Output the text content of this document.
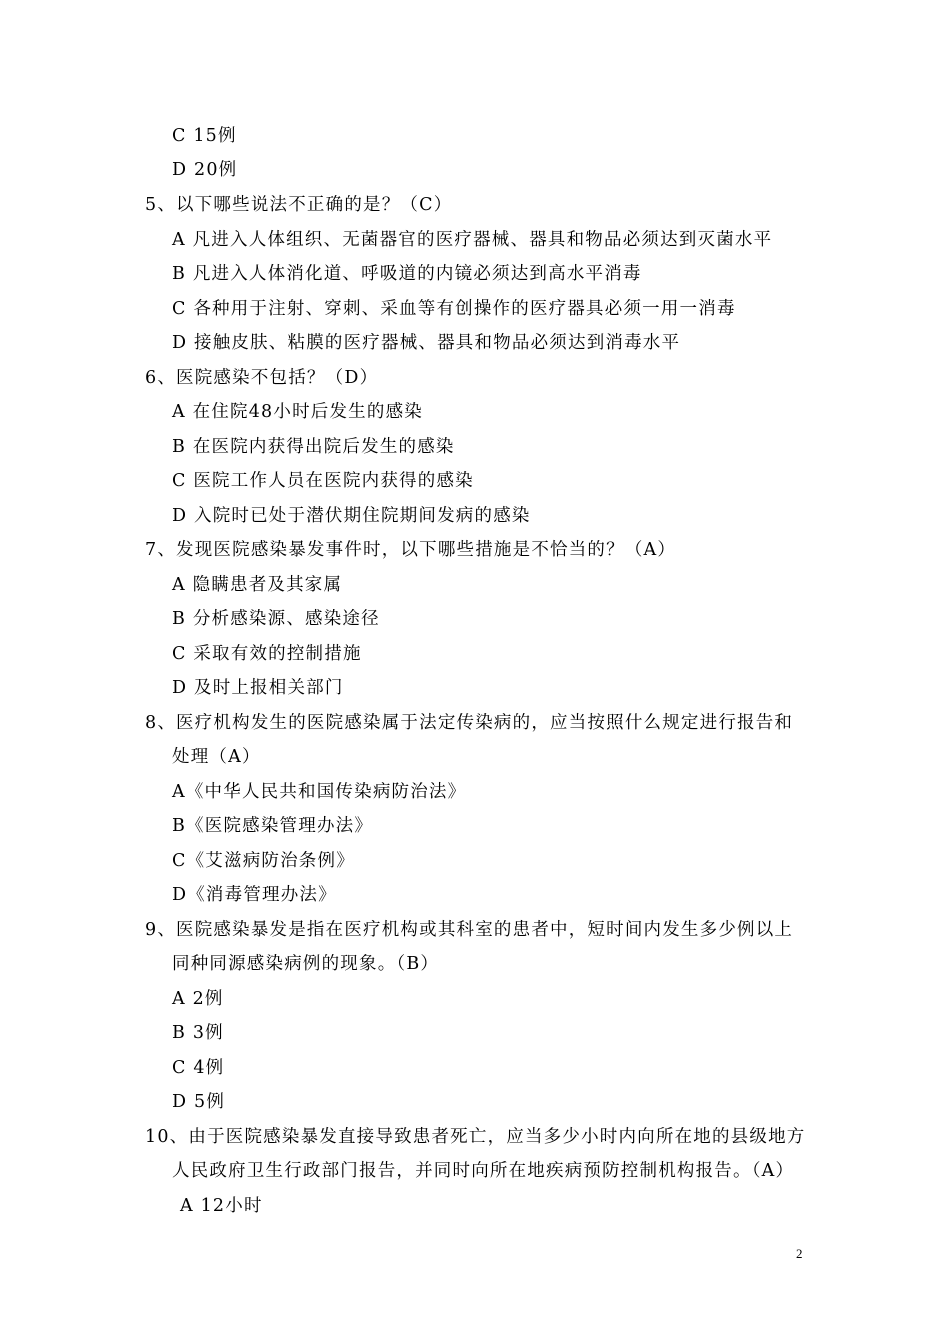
C 15例
D 20例
5、以下哪些说法不正确的是？（C）
A 凡进入人体组织、无菌器官的医疗器械、器具和物品必须达到灭菌水平
B 凡进入人体消化道、呼吸道的内镜必须达到高水平消毒
C 各种用于注射、穿刺、采血等有创操作的医疗器具必须一用一消毒
D 接触皮肤、粘膜的医疗器械、器具和物品必须达到消毒水平
6、医院感染不包括？（D）
A 在住院48小时后发生的感染
B 在医院内获得出院后发生的感染
C 医院工作人员在医院内获得的感染
D 入院时已处于潜伏期住院期间发病的感染
7、发现医院感染暴发事件时，以下哪些措施是不恰当的？（A）
A 隐瞒患者及其家属
B 分析感染源、感染途径
C 采取有效的控制措施
D 及时上报相关部门
8、医疗机构发生的医院感染属于法定传染病的，应当按照什么规定进行报告和
处理（A）
A《中华人民共和国传染病防治法》
B《医院感染管理办法》
C《艾滋病防治条例》
D《消毒管理办法》
9、医院感染暴发是指在医疗机构或其科室的患者中，短时间内发生多少例以上
同种同源感染病例的现象。（B）
A 2例
B 3例
C 4例
D 5例
10、由于医院感染暴发直接导致患者死亡，应当多少小时内向所在地的县级地方
人民政府卫生行政部门报告，并同时向所在地疾病预防控制机构报告。（A）
A 12小时
2
